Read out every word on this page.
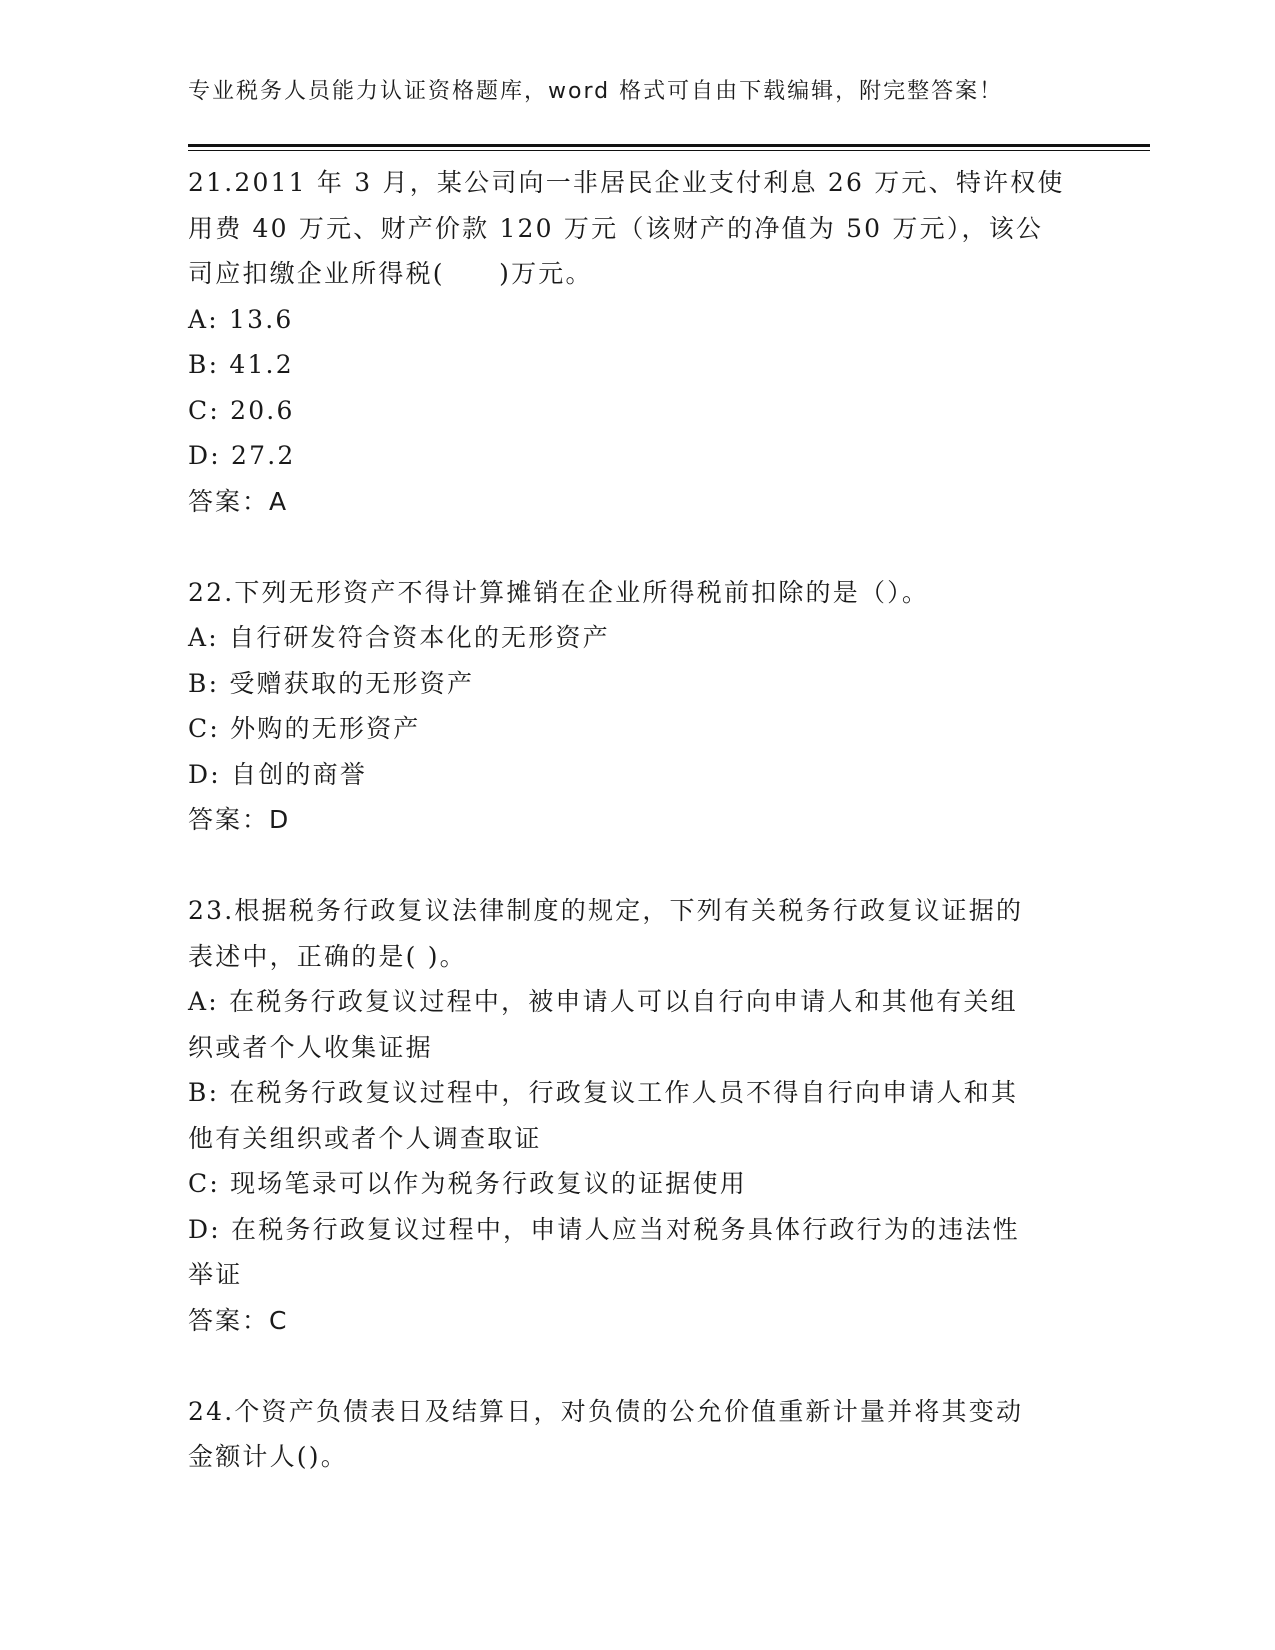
专业税务人员能力认证资格题库，word 格式可自由下载编辑，附完整答案！

21.2011 年 3 月，某公司向一非居民企业支付利息 26 万元、特许权使

用费 40 万元、财产价款 120 万元（该财产的净值为 50 万元），该公

司应扣缴企业所得税(　　)万元。

A: 13.6

B: 41.2

C: 20.6

D: 27.2

答案：A

22.下列无形资产不得计算摊销在企业所得税前扣除的是（）。

A: 自行研发符合资本化的无形资产

B: 受赠获取的无形资产

C: 外购的无形资产

D: 自创的商誉

答案：D

23.根据税务行政复议法律制度的规定，下列有关税务行政复议证据的

表述中，正确的是( )。

A: 在税务行政复议过程中，被申请人可以自行向申请人和其他有关组

织或者个人收集证据

B: 在税务行政复议过程中，行政复议工作人员不得自行向申请人和其

他有关组织或者个人调查取证

C: 现场笔录可以作为税务行政复议的证据使用

D: 在税务行政复议过程中，申请人应当对税务具体行政行为的违法性

举证

答案：C

24.个资产负债表日及结算日，对负债的公允价值重新计量并将其变动

金额计人()。
